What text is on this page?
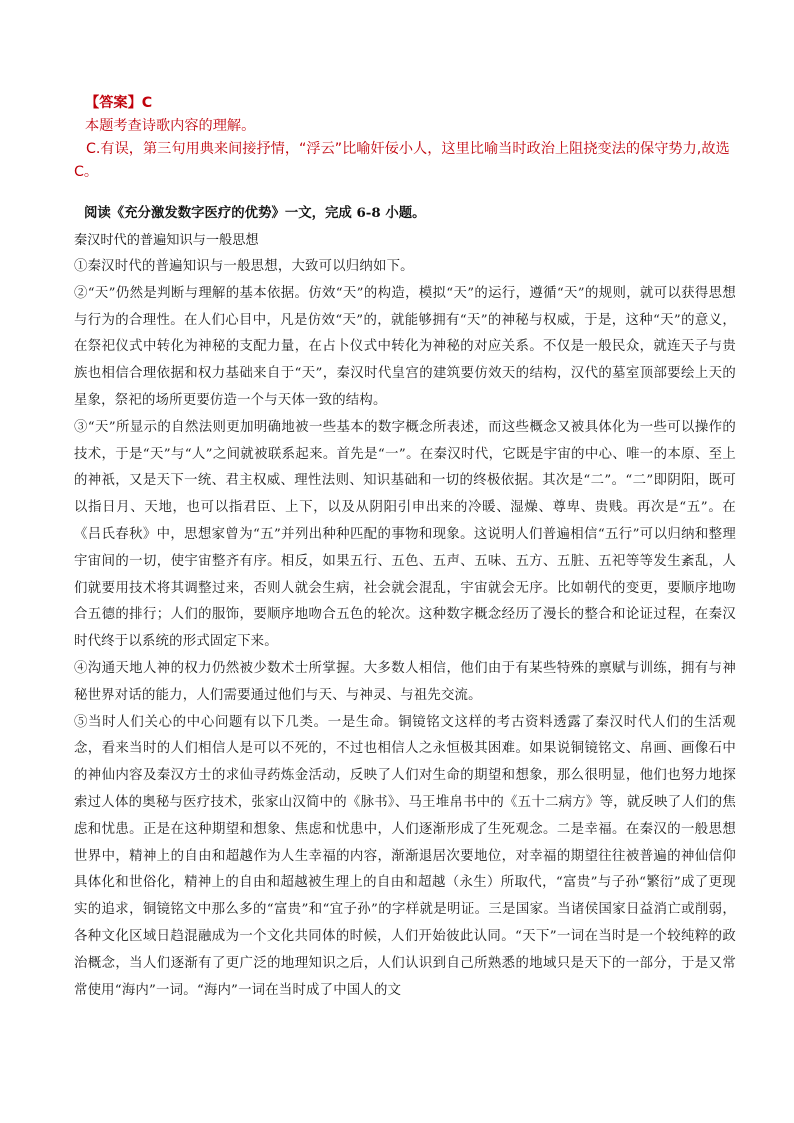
【答案】C

本题考查诗歌内容的理解。

C.有误，第三句用典来间接抒情，“浮云”比喻奸佞小人，这里比喻当时政治上阻挠变法的保守势力,故选

C。

阅读《充分激发数字医疗的优势》一文，完成 6-8 小题。

秦汉时代的普遍知识与一般思想

①秦汉时代的普遍知识与一般思想，大致可以归纳如下。

②“天”仍然是判断与理解的基本依据。仿效“天”的构造，模拟“天”的运行，遵循“天”的规则，就可以获得思想与行为的合理性。在人们心目中，凡是仿效“天”的，就能够拥有“天”的神秘与权威，于是，这种“天”的意义，在祭祀仪式中转化为神秘的支配力量，在占卜仪式中转化为神秘的对应关系。不仅是一般民众，就连天子与贵族也相信合理依据和权力基础来自于“天”，秦汉时代皇宫的建筑要仿效天的结构，汉代的墓室顶部要绘上天的星象，祭祀的场所更要仿造一个与天体一致的结构。

③“天”所显示的自然法则更加明确地被一些基本的数字概念所表述，而这些概念又被具体化为一些可以操作的技术，于是“天”与“人”之间就被联系起来。首先是“一”。在秦汉时代，它既是宇宙的中心、唯一的本原、至上的神祇，又是天下一统、君主权威、理性法则、知识基础和一切的终极依据。其次是“二”。“二”即阴阳，既可以指日月、天地，也可以指君臣、上下，以及从阴阳引申出来的冷暖、湿燥、尊卑、贵贱。再次是“五”。在《吕氏春秋》中，思想家曾为“五”并列出种种匹配的事物和现象。这说明人们普遍相信“五行”可以归纳和整理宇宙间的一切，使宇宙整齐有序。相反，如果五行、五色、五声、五味、五方、五脏、五祀等等发生紊乱，人们就要用技术将其调整过来，否则人就会生病，社会就会混乱，宇宙就会无序。比如朝代的变更，要顺序地吻合五德的排行；人们的服饰，要顺序地吻合五色的轮次。这种数字概念经历了漫长的整合和论证过程，在秦汉时代终于以系统的形式固定下来。

④沟通天地人神的权力仍然被少数术士所掌握。大多数人相信，他们由于有某些特殊的禀赋与训练，拥有与神秘世界对话的能力，人们需要通过他们与天、与神灵、与祖先交流。

⑤当时人们关心的中心问题有以下几类。一是生命。铜镜铭文这样的考古资料透露了秦汉时代人们的生活观念，看来当时的人们相信人是可以不死的，不过也相信人之永恒极其困难。如果说铜镜铭文、帛画、画像石中的神仙内容及秦汉方士的求仙寻药炼金活动，反映了人们对生命的期望和想象，那么很明显，他们也努力地探索过人体的奥秘与医疗技术，张家山汉简中的《脉书》、马王堆帛书中的《五十二病方》等，就反映了人们的焦虑和忧患。正是在这种期望和想象、焦虑和忧患中，人们逐渐形成了生死观念。二是幸福。在秦汉的一般思想世界中，精神上的自由和超越作为人生幸福的内容，渐渐退居次要地位，对幸福的期望往往被普遍的神仙信仰具体化和世俗化，精神上的自由和超越被生理上的自由和超越（永生）所取代，“富贵”与子孙“繁衍”成了更现实的追求，铜镜铭文中那么多的“富贵”和“宜子孙”的字样就是明证。三是国家。当诸侯国家日益消亡或削弱，各种文化区域日趋混融成为一个文化共同体的时候，人们开始彼此认同。“天下”一词在当时是一个较纯粹的政治概念，当人们逐渐有了更广泛的地理知识之后，人们认识到自己所熟悉的地域只是天下的一部分，于是又常常使用“海内”一词。“海内”一词在当时成了中国人的文
